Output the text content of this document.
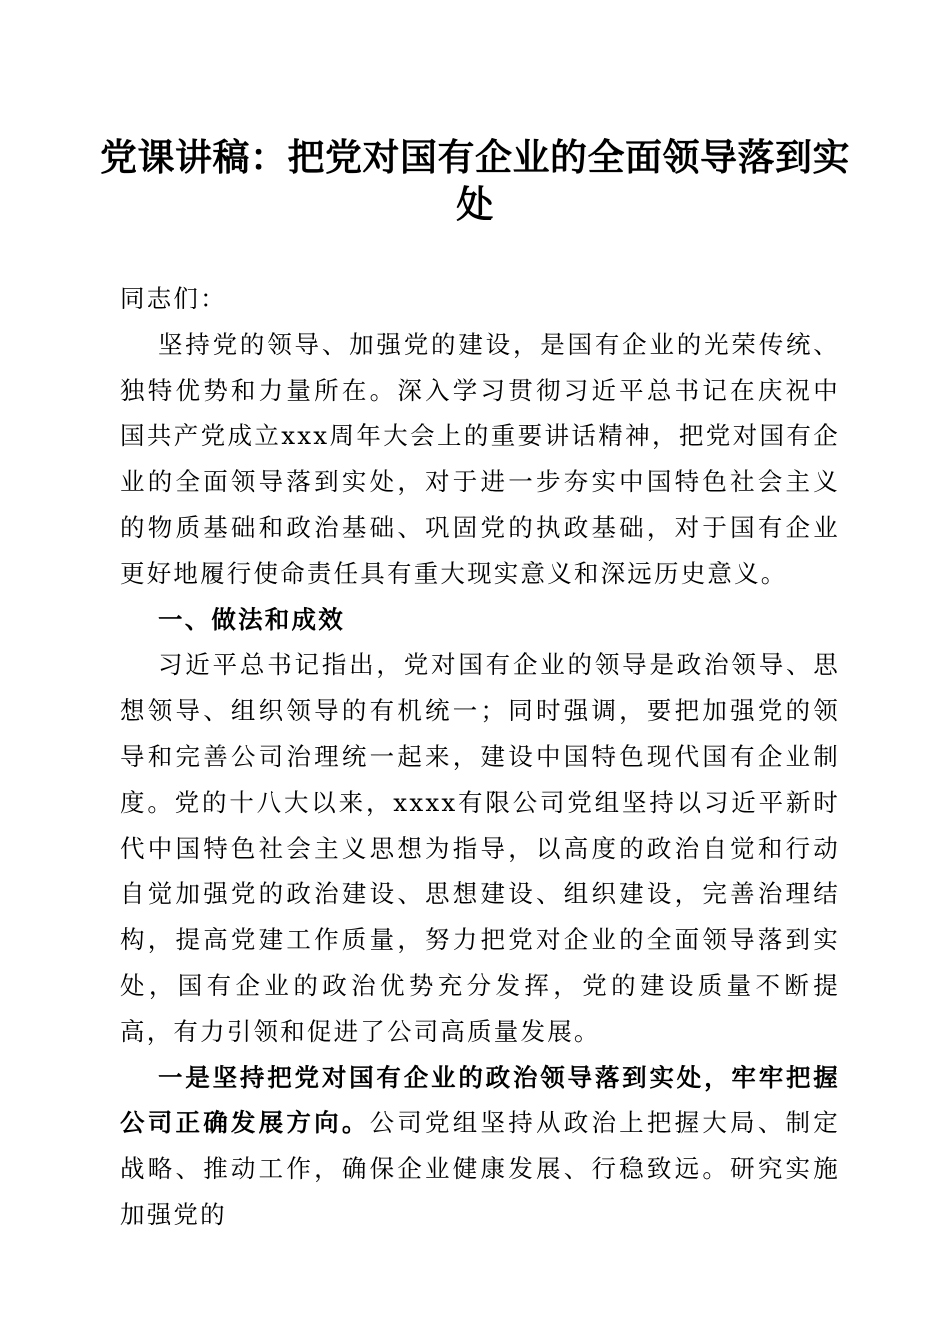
党课讲稿：把党对国有企业的全面领导落到实处

同志们：

坚持党的领导、加强党的建设，是国有企业的光荣传统、独特优势和力量所在。深入学习贯彻习近平总书记在庆祝中国共产党成立xxx周年大会上的重要讲话精神，把党对国有企业的全面领导落到实处，对于进一步夯实中国特色社会主义的物质基础和政治基础、巩固党的执政基础，对于国有企业更好地履行使命责任具有重大现实意义和深远历史意义。

一、做法和成效

习近平总书记指出，党对国有企业的领导是政治领导、思想领导、组织领导的有机统一；同时强调，要把加强党的领导和完善公司治理统一起来，建设中国特色现代国有企业制度。党的十八大以来，xxxx有限公司党组坚持以习近平新时代中国特色社会主义思想为指导，以高度的政治自觉和行动自觉加强党的政治建设、思想建设、组织建设，完善治理结构，提高党建工作质量，努力把党对企业的全面领导落到实处，国有企业的政治优势充分发挥，党的建设质量不断提高，有力引领和促进了公司高质量发展。

一是坚持把党对国有企业的政治领导落到实处，牢牢把握公司正确发展方向。公司党组坚持从政治上把握大局、制定战略、推动工作，确保企业健康发展、行稳致远。研究实施加强党的
